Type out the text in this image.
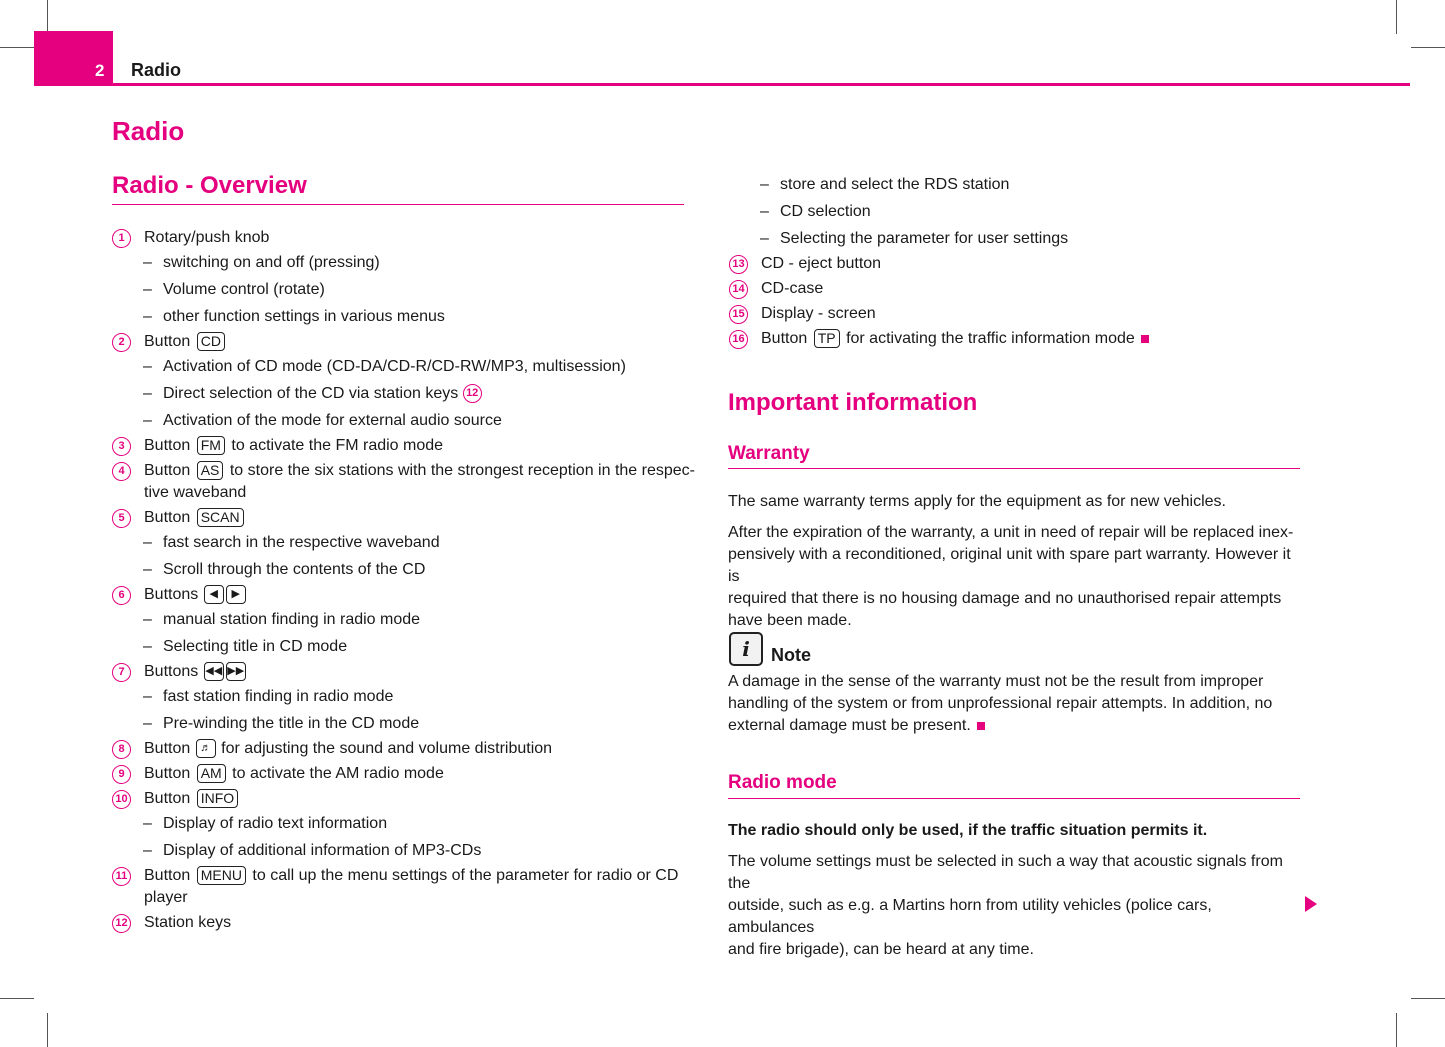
2 Radio
Radio
Radio - Overview
1	Rotary/push knob
– switching on and off (pressing)
– Volume control (rotate)
– other function settings in various menus
2	Button CD
– Activation of CD mode (CD-DA/CD-R/CD-RW/MP3, multisession)
– Direct selection of the CD via station keys 12
– Activation of the mode for external audio source
3	Button FM to activate the FM radio mode
4	Button AS to store the six stations with the strongest reception in the respec-
tive waveband
5	Button SCAN
– fast search in the respective waveband
– Scroll through the contents of the CD
6	Buttons ◀ ▶
– manual station finding in radio mode
– Selecting title in CD mode
7	Buttons ◀◀ ▶▶
– fast station finding in radio mode
– Pre-winding the title in the CD mode
8	Button ♬ for adjusting the sound and volume distribution
9	Button AM to activate the AM radio mode
10 Button INFO
– Display of radio text information
– Display of additional information of MP3-CDs
11 Button MENU to call up the menu settings of the parameter for radio or CD
player
12 Station keys
– store and select the RDS station
– CD selection
– Selecting the parameter for user settings
13 CD - eject button
14 CD-case
15 Display - screen
16 Button TP for activating the traffic information mode
Important information
Warranty
The same warranty terms apply for the equipment as for new vehicles.
After the expiration of the warranty, a unit in need of repair will be replaced inex-
pensively with a reconditioned, original unit with spare part warranty. However it is
required that there is no housing damage and no unauthorised repair attempts
have been made.
i	Note
A damage in the sense of the warranty must not be the result from improper
handling of the system or from unprofessional repair attempts. In addition, no
external damage must be present.
Radio mode
The radio should only be used, if the traffic situation permits it.
The volume settings must be selected in such a way that acoustic signals from the
outside, such as e.g. a Martins horn from utility vehicles (police cars, ambulances
and fire brigade), can be heard at any time.
